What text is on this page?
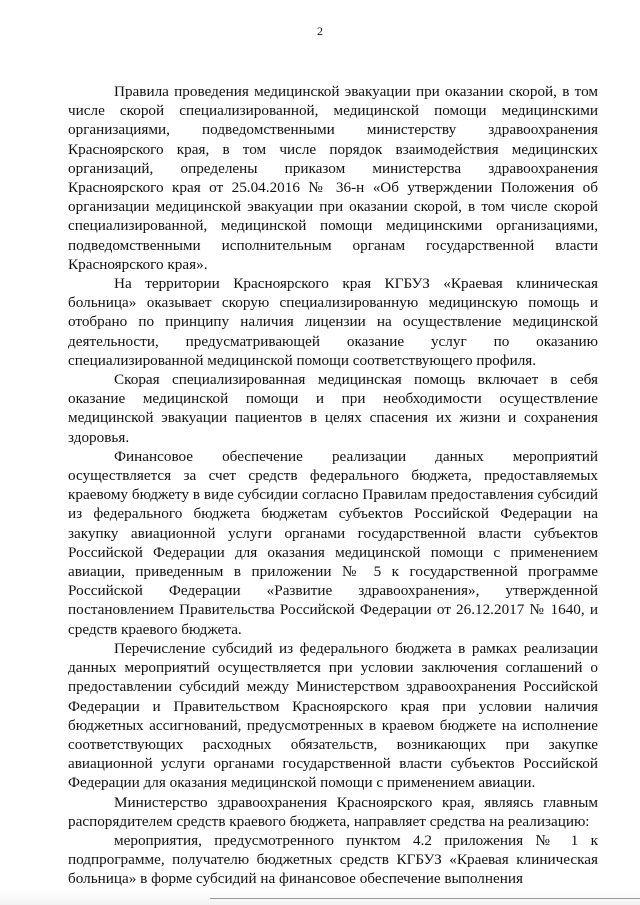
2

Правила проведения медицинской эвакуации при оказании скорой, в том числе скорой специализированной, медицинской помощи медицинскими организациями, подведомственными министерству здравоохранения Красноярского края, в том числе порядок взаимодействия медицинских организаций, определены приказом министерства здравоохранения Красноярского края от 25.04.2016 № 36-н «Об утверждении Положения об организации медицинской эвакуации при оказании скорой, в том числе скорой специализированной, медицинской помощи медицинскими организациями, подведомственными исполнительным органам государственной власти Красноярского края».

На территории Красноярского края КГБУЗ «Краевая клиническая больница» оказывает скорую специализированную медицинскую помощь и отобрано по принципу наличия лицензии на осуществление медицинской деятельности, предусматривающей оказание услуг по оказанию специализированной медицинской помощи соответствующего профиля.

Скорая специализированная медицинская помощь включает в себя оказание медицинской помощи и при необходимости осуществление медицинской эвакуации пациентов в целях спасения их жизни и сохранения здоровья.

Финансовое обеспечение реализации данных мероприятий осуществляется за счет средств федерального бюджета, предоставляемых краевому бюджету в виде субсидии согласно Правилам предоставления субсидий из федерального бюджета бюджетам субъектов Российской Федерации на закупку авиационной услуги органами государственной власти субъектов Российской Федерации для оказания медицинской помощи с применением авиации, приведенным в приложении № 5 к государственной программе Российской Федерации «Развитие здравоохранения», утвержденной постановлением Правительства Российской Федерации от 26.12.2017 № 1640, и средств краевого бюджета.

Перечисление субсидий из федерального бюджета в рамках реализации данных мероприятий осуществляется при условии заключения соглашений о предоставлении субсидий между Министерством здравоохранения Российской Федерации и Правительством Красноярского края при условии наличия бюджетных ассигнований, предусмотренных в краевом бюджете на исполнение соответствующих расходных обязательств, возникающих при закупке авиационной услуги органами государственной власти субъектов Российской Федерации для оказания медицинской помощи с применением авиации.

Министерство здравоохранения Красноярского края, являясь главным распорядителем средств краевого бюджета, направляет средства на реализацию:

мероприятия, предусмотренного пунктом 4.2 приложения № 1 к подпрограмме, получателю бюджетных средств КГБУЗ «Краевая клиническая больница» в форме субсидий на финансовое обеспечение выполнения
